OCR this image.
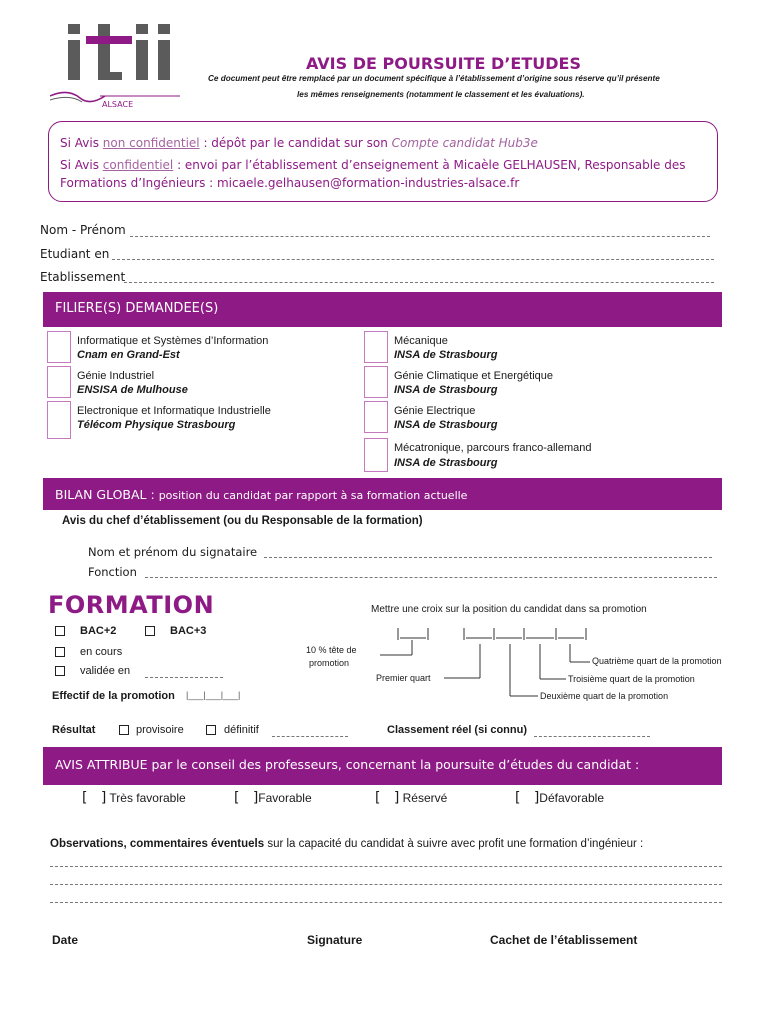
ALSACE
AVIS DE POURSUITE D’ETUDES
Ce document peut être remplacé par un document spécifique à l’établissement d’origine sous réserve qu’il présente
les mêmes renseignements (notamment le classement et les évaluations).
Si Avis non confidentiel : dépôt par le candidat sur son Compte candidat Hub3e
Si Avis confidentiel : envoi par l’établissement d’enseignement à Micaèle GELHAUSEN, Responsable des
Formations d’Ingénieurs : micaele.gelhausen@formation-industries-alsace.fr
Nom - Prénom
Etudiant en
Etablissement
FILIERE(S) DEMANDEE(S)
Informatique et Systèmes d’Information
Cnam en Grand-Est
Génie Industriel
ENSISA de Mulhouse
Electronique et Informatique Industrielle
Télécom Physique Strasbourg
Mécanique
INSA de Strasbourg
Génie Climatique et Energétique
INSA de Strasbourg
Génie Electrique
INSA de Strasbourg
Mécatronique, parcours franco-allemand
INSA de Strasbourg
BILAN GLOBAL : position du candidat par rapport à sa formation actuelle
Avis du chef d’établissement (ou du Responsable de la formation)
Nom et prénom du signataire
Fonction
FORMATION	Mettre une croix sur la position du candidat dans sa promotion
BAC+2	BAC+3
en cours
validée en
10 % tête de
promotion
Premier quart
Deuxième quart de la promotion
Troisième quart de la promotion
Quatrième quart de la promotion
Effectif de la promotion |___|___|___|
Résultat	provisoire	définitif	Classement réel (si connu)
AVIS ATTRIBUE par le conseil des professeurs, concernant la poursuite d’études du candidat :
[   ] Très favorable	[   ]Favorable	[   ] Réservé	[   ]Défavorable
Observations, commentaires éventuels sur la capacité du candidat à suivre avec profit une formation d’ingénieur :
Date	Signature	Cachet de l’établissement
